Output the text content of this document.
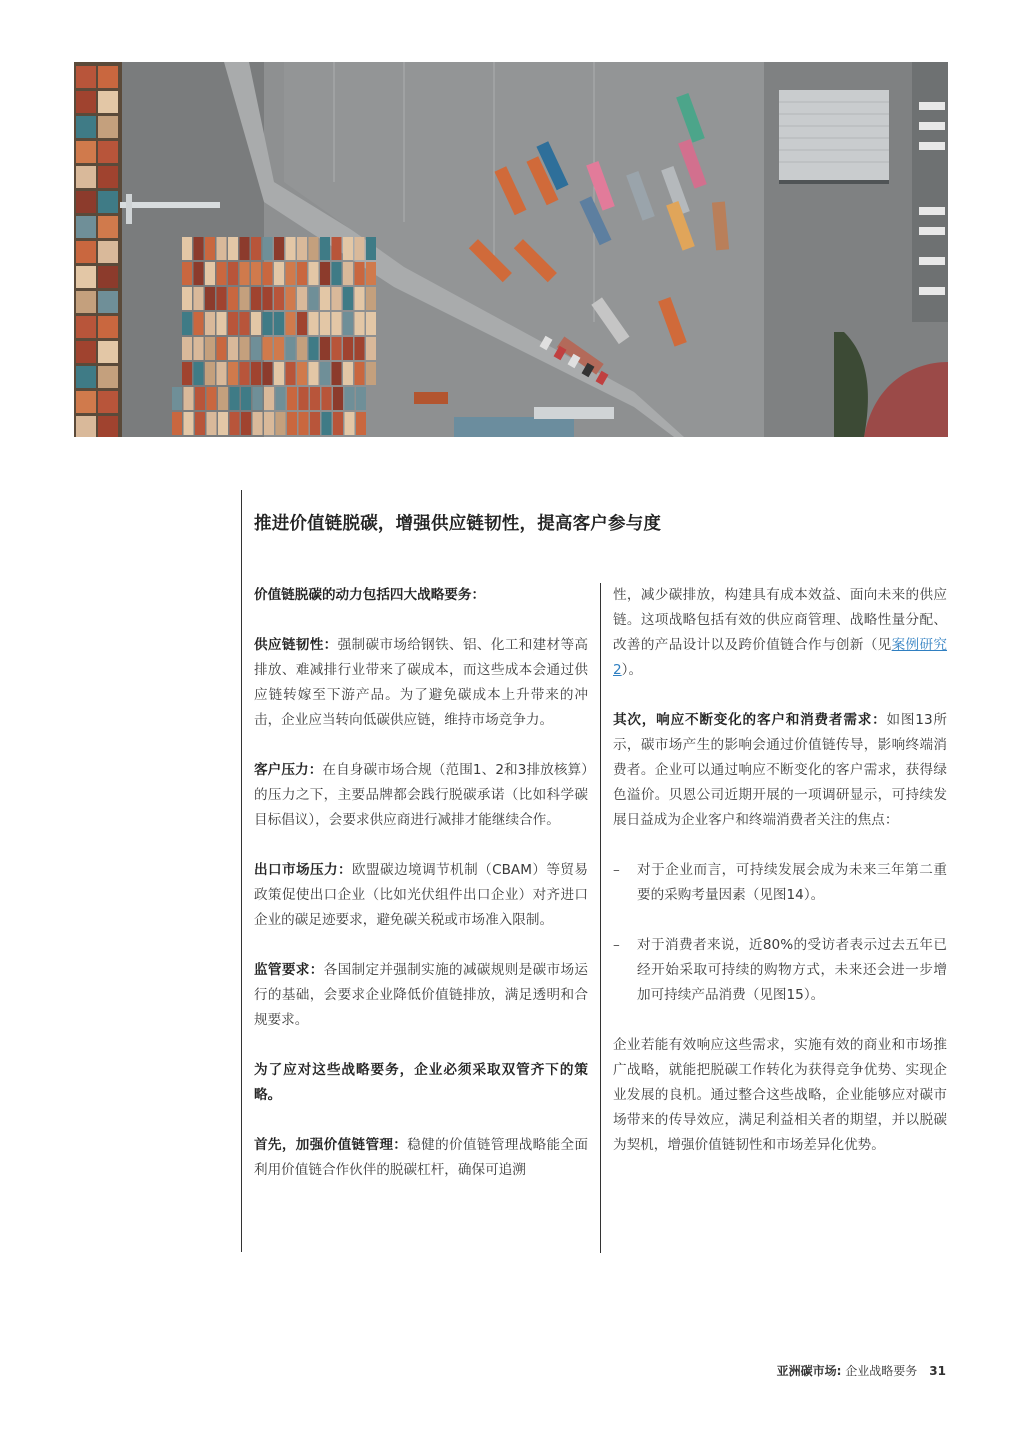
推进价值链脱碳，增强供应链韧性，提高客户参与度

价值链脱碳的动力包括四大战略要务：

供应链韧性：强制碳市场给钢铁、铝、化工和建材等高排放、难减排行业带来了碳成本，而这些成本会通过供应链转嫁至下游产品。为了避免碳成本上升带来的冲击，企业应当转向低碳供应链，维持市场竞争力。

客户压力：在自身碳市场合规（范围1、2和3排放核算）的压力之下，主要品牌都会践行脱碳承诺（比如科学碳目标倡议），会要求供应商进行减排才能继续合作。

出口市场压力：欧盟碳边境调节机制（CBAM）等贸易政策促使出口企业（比如光伏组件出口企业）对齐进口企业的碳足迹要求，避免碳关税或市场准入限制。

监管要求：各国制定并强制实施的减碳规则是碳市场运行的基础，会要求企业降低价值链排放，满足透明和合规要求。

为了应对这些战略要务，企业必须采取双管齐下的策略。

首先，加强价值链管理：稳健的价值链管理战略能全面利用价值链合作伙伴的脱碳杠杆，确保可追溯

性，减少碳排放，构建具有成本效益、面向未来的供应链。这项战略包括有效的供应商管理、战略性量分配、改善的产品设计以及跨价值链合作与创新（见案例研究2）。

其次，响应不断变化的客户和消费者需求：如图13所示，碳市场产生的影响会通过价值链传导，影响终端消费者。企业可以通过响应不断变化的客户需求，获得绿色溢价。贝恩公司近期开展的一项调研显示，可持续发展日益成为企业客户和终端消费者关注的焦点：

–	对于企业而言，可持续发展会成为未来三年第二重要的采购考量因素（见图14）。
–	对于消费者来说，近80%的受访者表示过去五年已经开始采取可持续的购物方式，未来还会进一步增加可持续产品消费（见图15）。

企业若能有效响应这些需求，实施有效的商业和市场推广战略，就能把脱碳工作转化为获得竞争优势、实现企业发展的良机。通过整合这些战略，企业能够应对碳市场带来的传导效应，满足利益相关者的期望，并以脱碳为契机，增强价值链韧性和市场差异化优势。

亚洲碳市场: 企业战略要务 31
